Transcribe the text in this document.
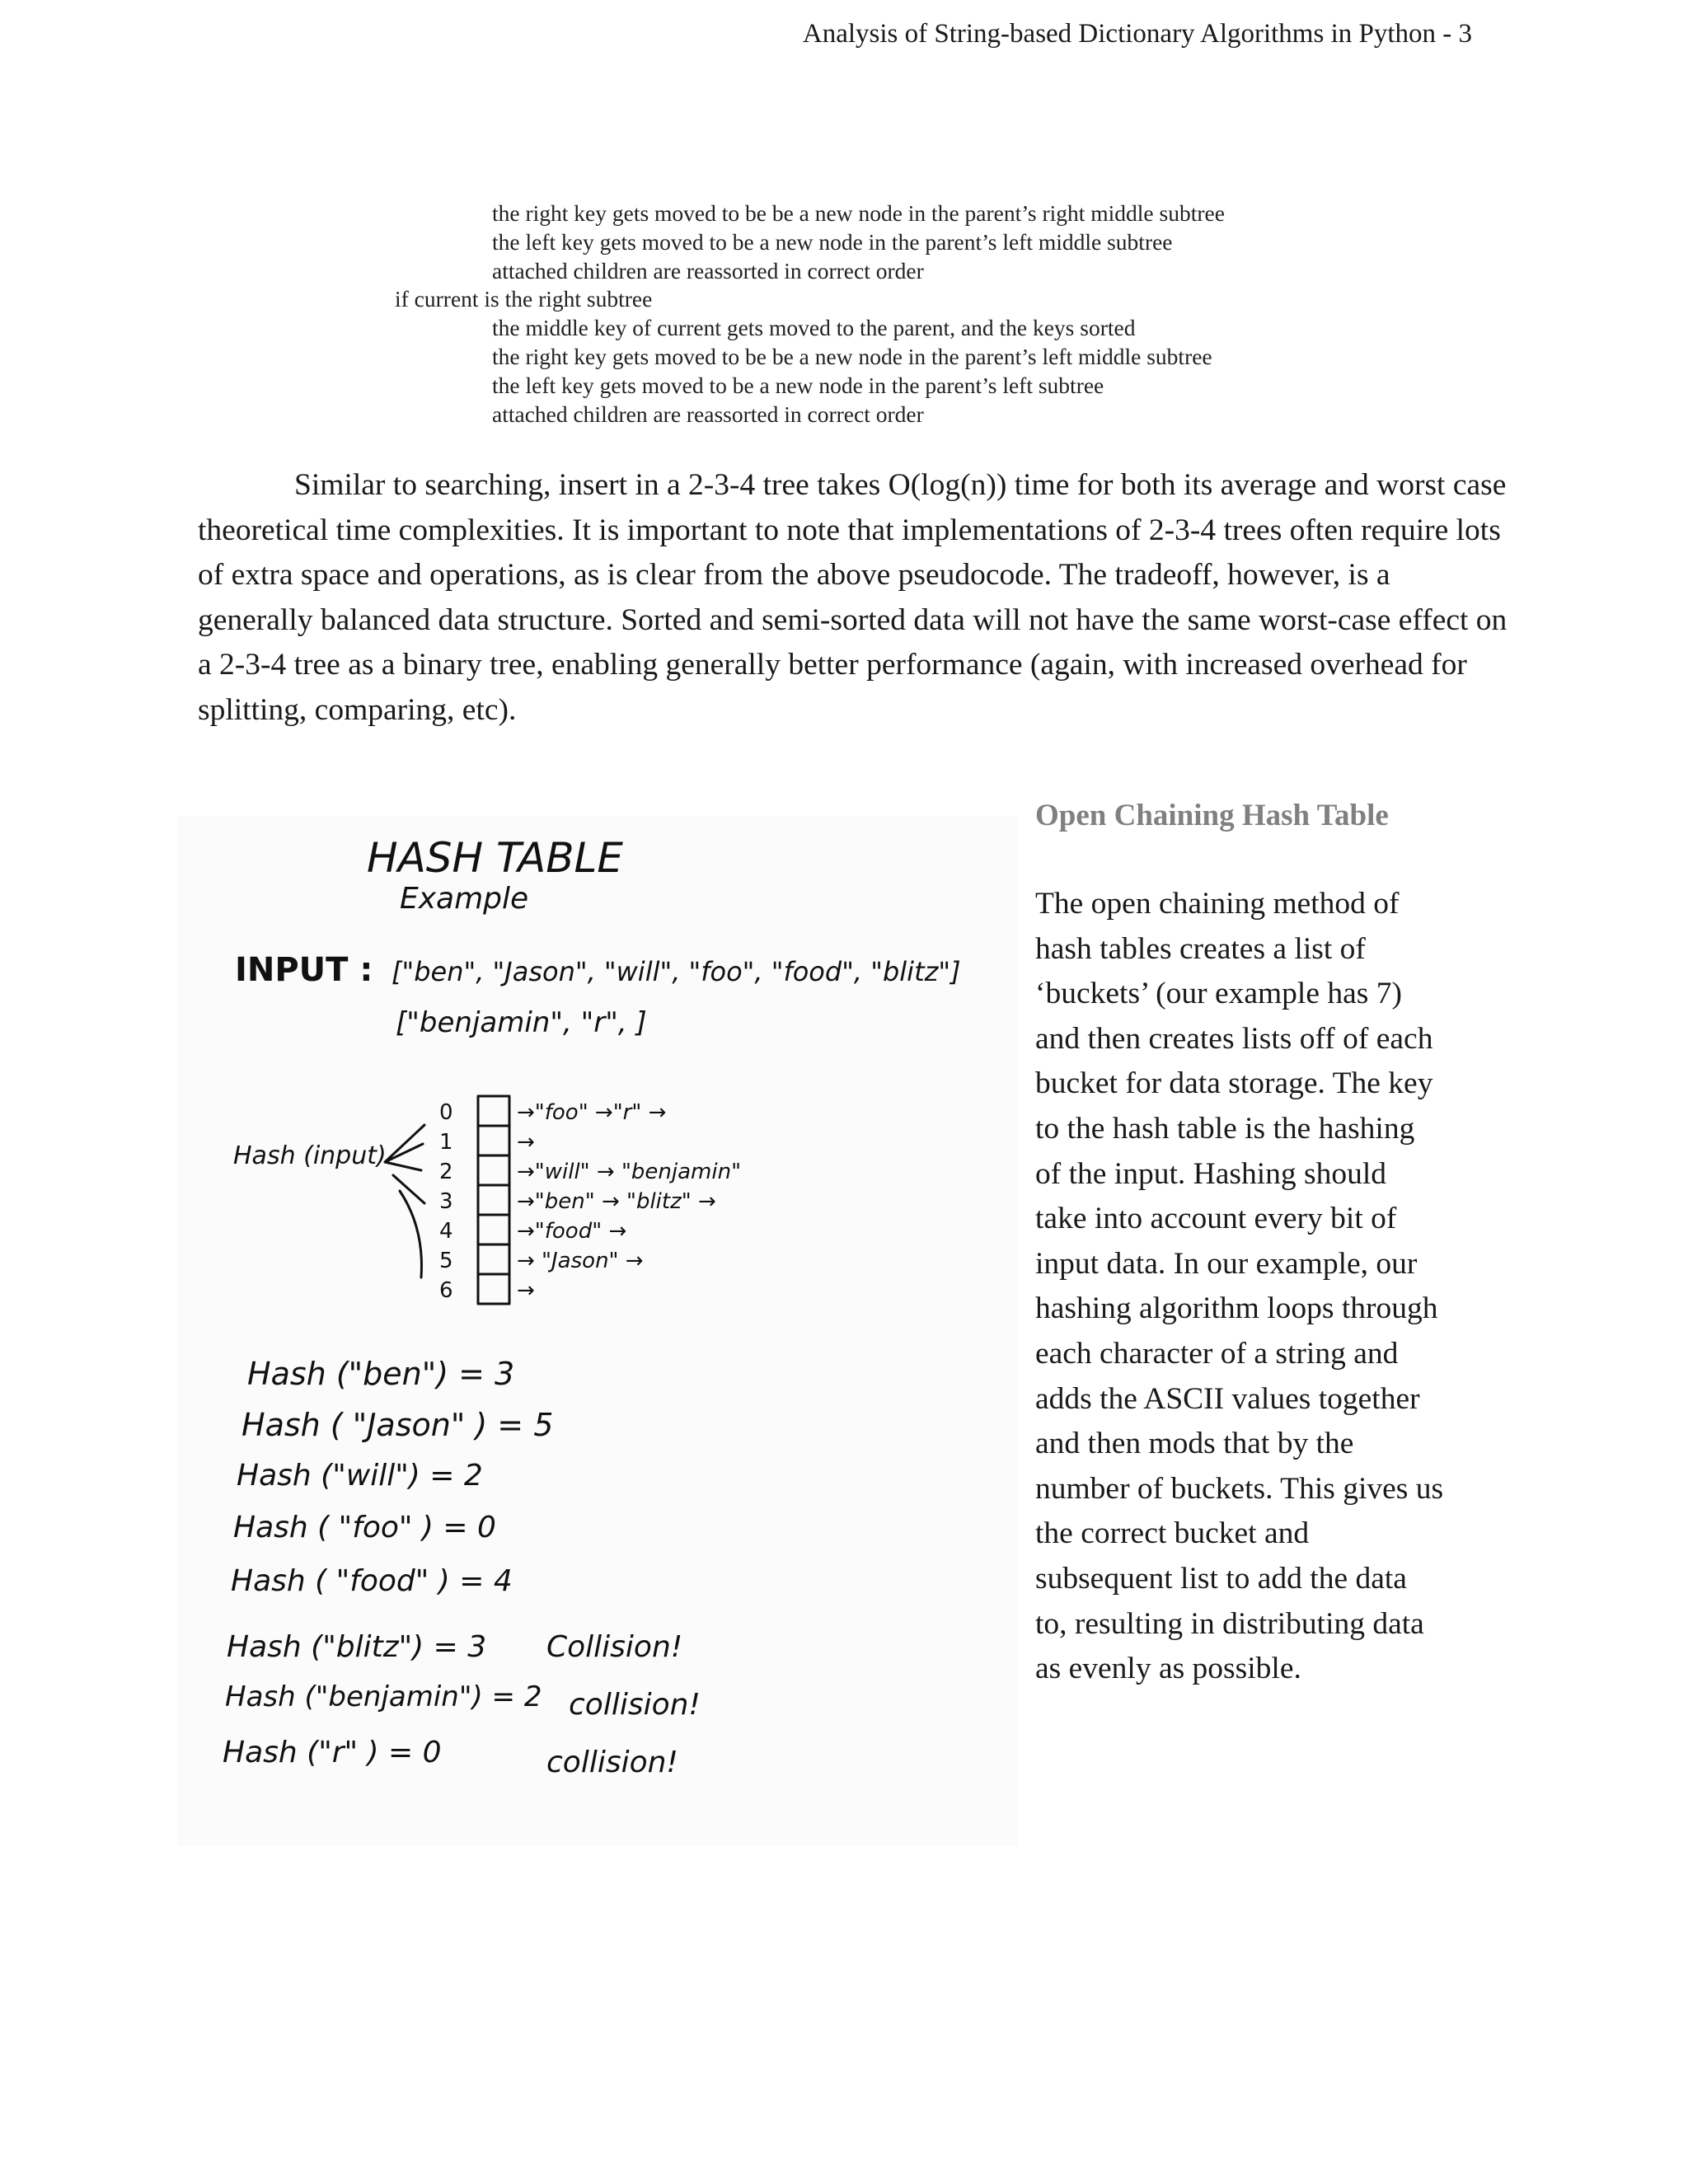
Analysis of String-based Dictionary Algorithms in Python - 3
the right key gets moved to be be a new node in the parent’s right middle subtree
the left key gets moved to be a new node in the parent’s left middle subtree
attached children are reassorted in correct order
if current is the right subtree
the middle key of current gets moved to the parent, and the keys sorted
the right key gets moved to be be a new node in the parent’s left middle subtree
the left key gets moved to be a new node in the parent’s left subtree
attached children are reassorted in correct order

Similar to searching, insert in a 2-3-4 tree takes O(log(n)) time for both its average and worst case theoretical time complexities. It is important to note that implementations of 2-3-4 trees often require lots of extra space and operations, as is clear from the above pseudocode. The tradeoff, however, is a generally balanced data structure. Sorted and semi-sorted data will not have the same worst-case effect on a 2-3-4 tree as a binary tree, enabling generally better performance (again, with increased overhead for splitting, comparing, etc).

Open Chaining Hash Table

The open chaining method of
hash tables creates a list of
‘buckets’ (our example has 7)
and then creates lists off of each
bucket for data storage. The key
to the hash table is the hashing
of the input. Hashing should
take into account every bit of
input data. In our example, our
hashing algorithm loops through
each character of a string and
adds the ASCII values together
and then mods that by the
number of buckets. This gives us
the correct bucket and
subsequent list to add the data
to, resulting in distributing data
as evenly as possible.

HASH TABLE
Example
INPUT : ["ben", "Jason", "will", "foo", "food", "blitz"]
["benjamin", "r", ]
Hash (input)
0	→"foo" →"r" →
1	→
2	→"will" → "benjamin"
3	→"ben" → "blitz" →
4	→"food" →
5	→ "Jason" →
6	→
Hash ("ben") = 3
Hash ( "Jason" ) = 5
Hash ("will") = 2
Hash ( "foo" ) = 0
Hash ( "food" ) = 4
Hash ("blitz") = 3 Collision!
Hash ("benjamin") = 2 collision!
Hash ("r" ) = 0	collision!
